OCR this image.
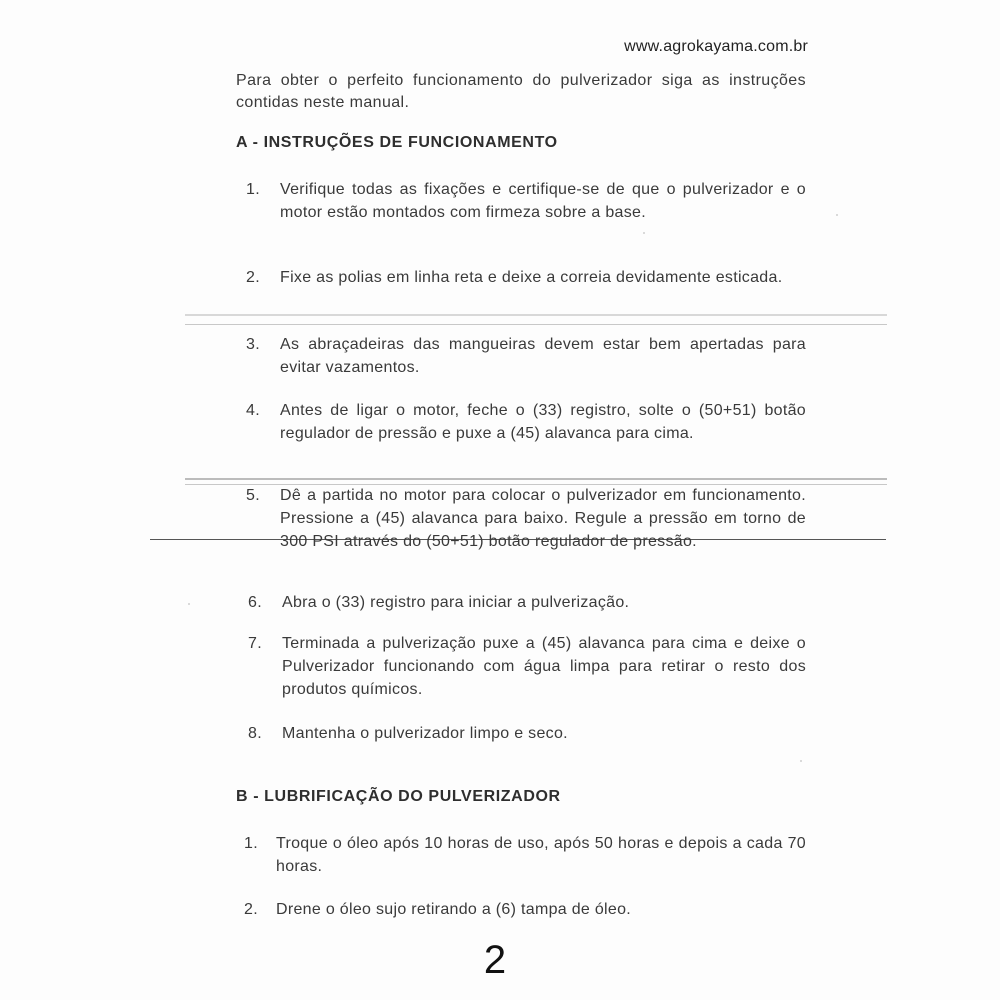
www.agrokayama.com.br

Para obter o perfeito funcionamento do pulverizador siga as instruções contidas neste manual.

A - INSTRUÇÕES DE FUNCIONAMENTO
1.	Verifique todas as fixações e certifique-se de que o pulverizador e o motor estão montados com firmeza sobre a base.
2.	Fixe as polias em linha reta e deixe a correia devidamente esticada.
3.	As abraçadeiras das mangueiras devem estar bem apertadas para evitar vazamentos.
4.	Antes de ligar o motor, feche o (33) registro, solte o (50+51) botão regulador de pressão e puxe a (45) alavanca para cima.
5.	Dê a partida no motor para colocar o pulverizador em funcionamento. Pressione a (45) alavanca para baixo. Regule a pressão em torno de 300 PSI através do (50+51) botão regulador de pressão.
6.	Abra o (33) registro para iniciar a pulverização.
7.	Terminada a pulverização puxe a (45) alavanca para cima e deixe o Pulverizador funcionando com água limpa para retirar o resto dos produtos químicos.
8.	Mantenha o pulverizador limpo e seco.
B - LUBRIFICAÇÃO DO PULVERIZADOR
1.	Troque o óleo após 10 horas de uso, após 50 horas e depois a cada 70 horas.
2.	Drene o óleo sujo retirando a (6) tampa de óleo.
2
